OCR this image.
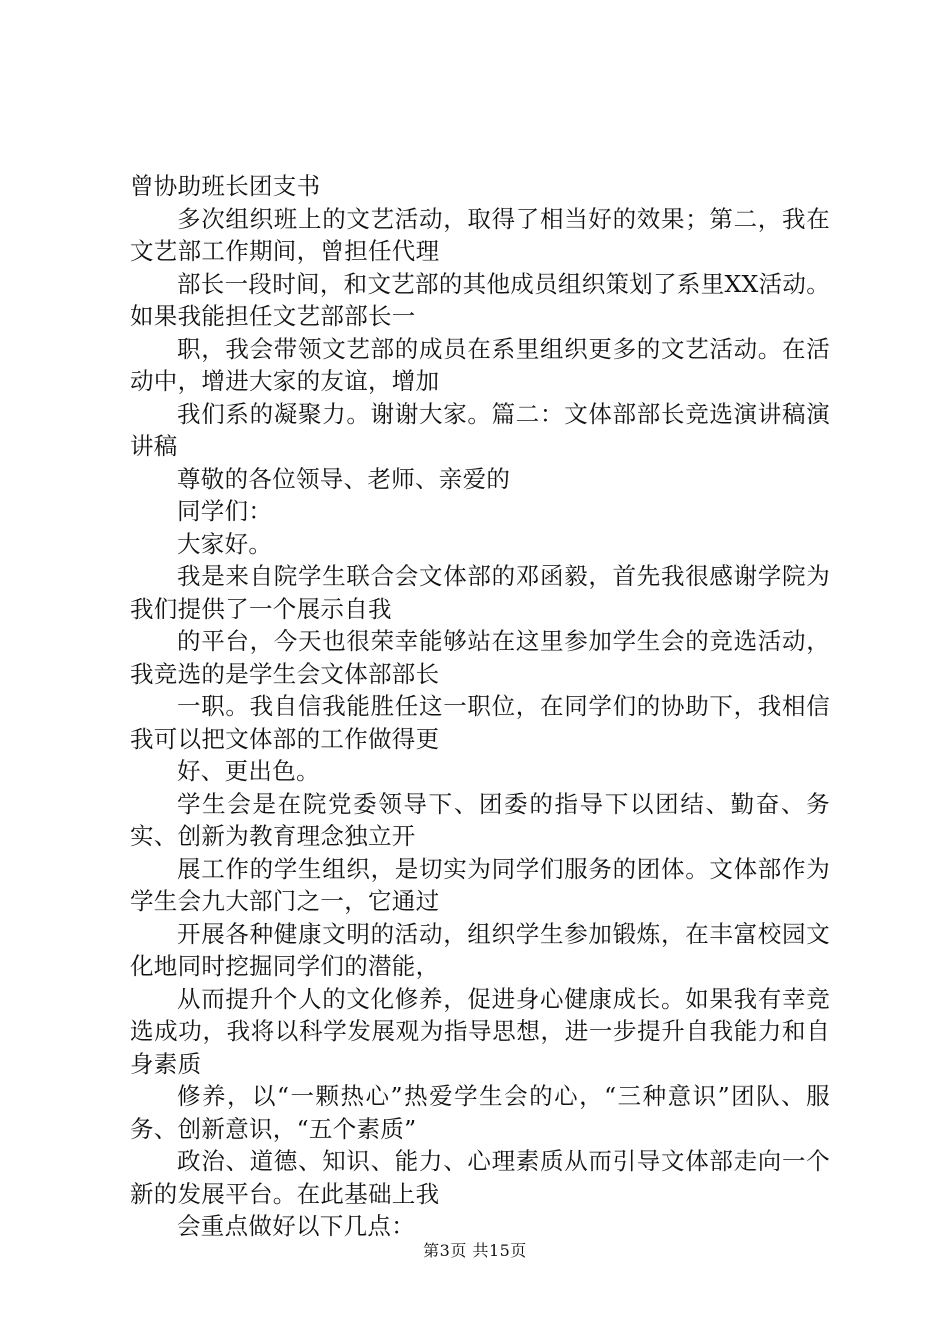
曾协助班长团支书

多次组织班上的文艺活动，取得了相当好的效果；第二，我在文艺部工作期间，曾担任代理

部长一段时间，和文艺部的其他成员组织策划了系里XX活动。如果我能担任文艺部部长一

职，我会带领文艺部的成员在系里组织更多的文艺活动。在活动中，增进大家的友谊，增加

我们系的凝聚力。谢谢大家。篇二：文体部部长竞选演讲稿演讲稿

尊敬的各位领导、老师、亲爱的

同学们：

大家好。

我是来自院学生联合会文体部的邓函毅，首先我很感谢学院为我们提供了一个展示自我

的平台，今天也很荣幸能够站在这里参加学生会的竞选活动，我竞选的是学生会文体部部长

一职。我自信我能胜任这一职位，在同学们的协助下，我相信我可以把文体部的工作做得更

好、更出色。

学生会是在院党委领导下、团委的指导下以团结、勤奋、务实、创新为教育理念独立开

展工作的学生组织，是切实为同学们服务的团体。文体部作为学生会九大部门之一，它通过

开展各种健康文明的活动，组织学生参加锻炼，在丰富校园文化地同时挖掘同学们的潜能，

从而提升个人的文化修养，促进身心健康成长。如果我有幸竞选成功，我将以科学发展观为指导思想，进一步提升自我能力和自身素质

修养，以“一颗热心”热爱学生会的心，“三种意识”团队、服务、创新意识，“五个素质”

政治、道德、知识、能力、心理素质从而引导文体部走向一个新的发展平台。在此基础上我

会重点做好以下几点：

第3页 共15页
